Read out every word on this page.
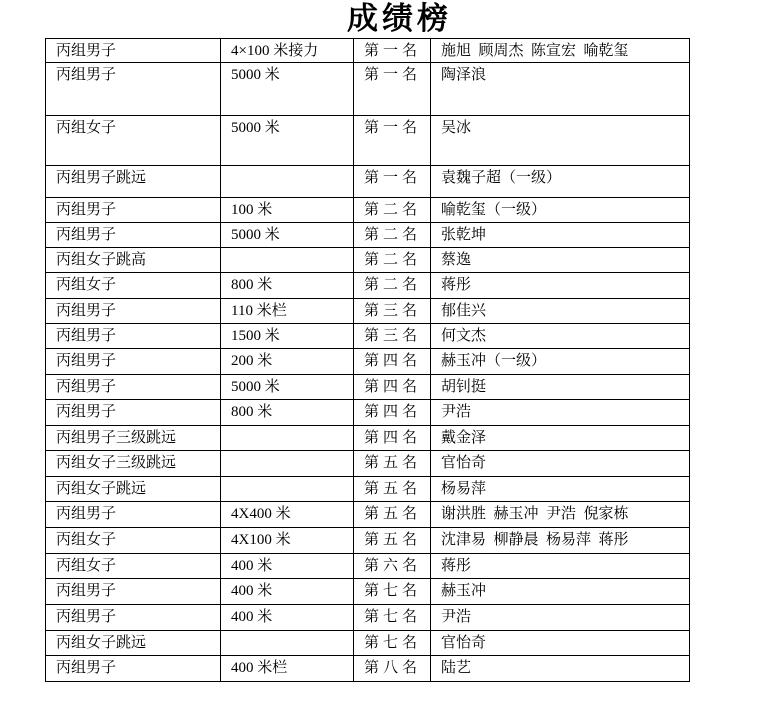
成绩榜
丙组男子	4×100 米接力	第一名	施旭  顾周杰  陈宣宏  喻乾玺
丙组男子	5000 米	第一名	陶泽浪
丙组女子	5000 米	第一名	吴冰
丙组男子跳远		第一名	袁魏子超（一级）
丙组男子	100 米	第二名	喻乾玺（一级）
丙组男子	5000 米	第二名	张乾坤
丙组女子跳高		第二名	蔡逸
丙组女子	800 米	第二名	蒋彤
丙组男子	110 米栏	第三名	郁佳兴
丙组男子	1500 米	第三名	何文杰
丙组男子	200 米	第四名	赫玉冲（一级）
丙组男子	5000 米	第四名	胡钊挺
丙组男子	800 米	第四名	尹浩
丙组男子三级跳远		第四名	戴金泽
丙组女子三级跳远		第五名	官怡奇
丙组女子跳远		第五名	杨易萍
丙组男子	4X400 米	第五名	谢洪胜  赫玉冲  尹浩  倪家栋
丙组女子	4X100 米	第五名	沈津易  柳静晨  杨易萍  蒋彤
丙组女子	400 米	第六名	蒋彤
丙组男子	400 米	第七名	赫玉冲
丙组男子	400 米	第七名	尹浩
丙组女子跳远		第七名	官怡奇
丙组男子	400 米栏	第八名	陆艺
